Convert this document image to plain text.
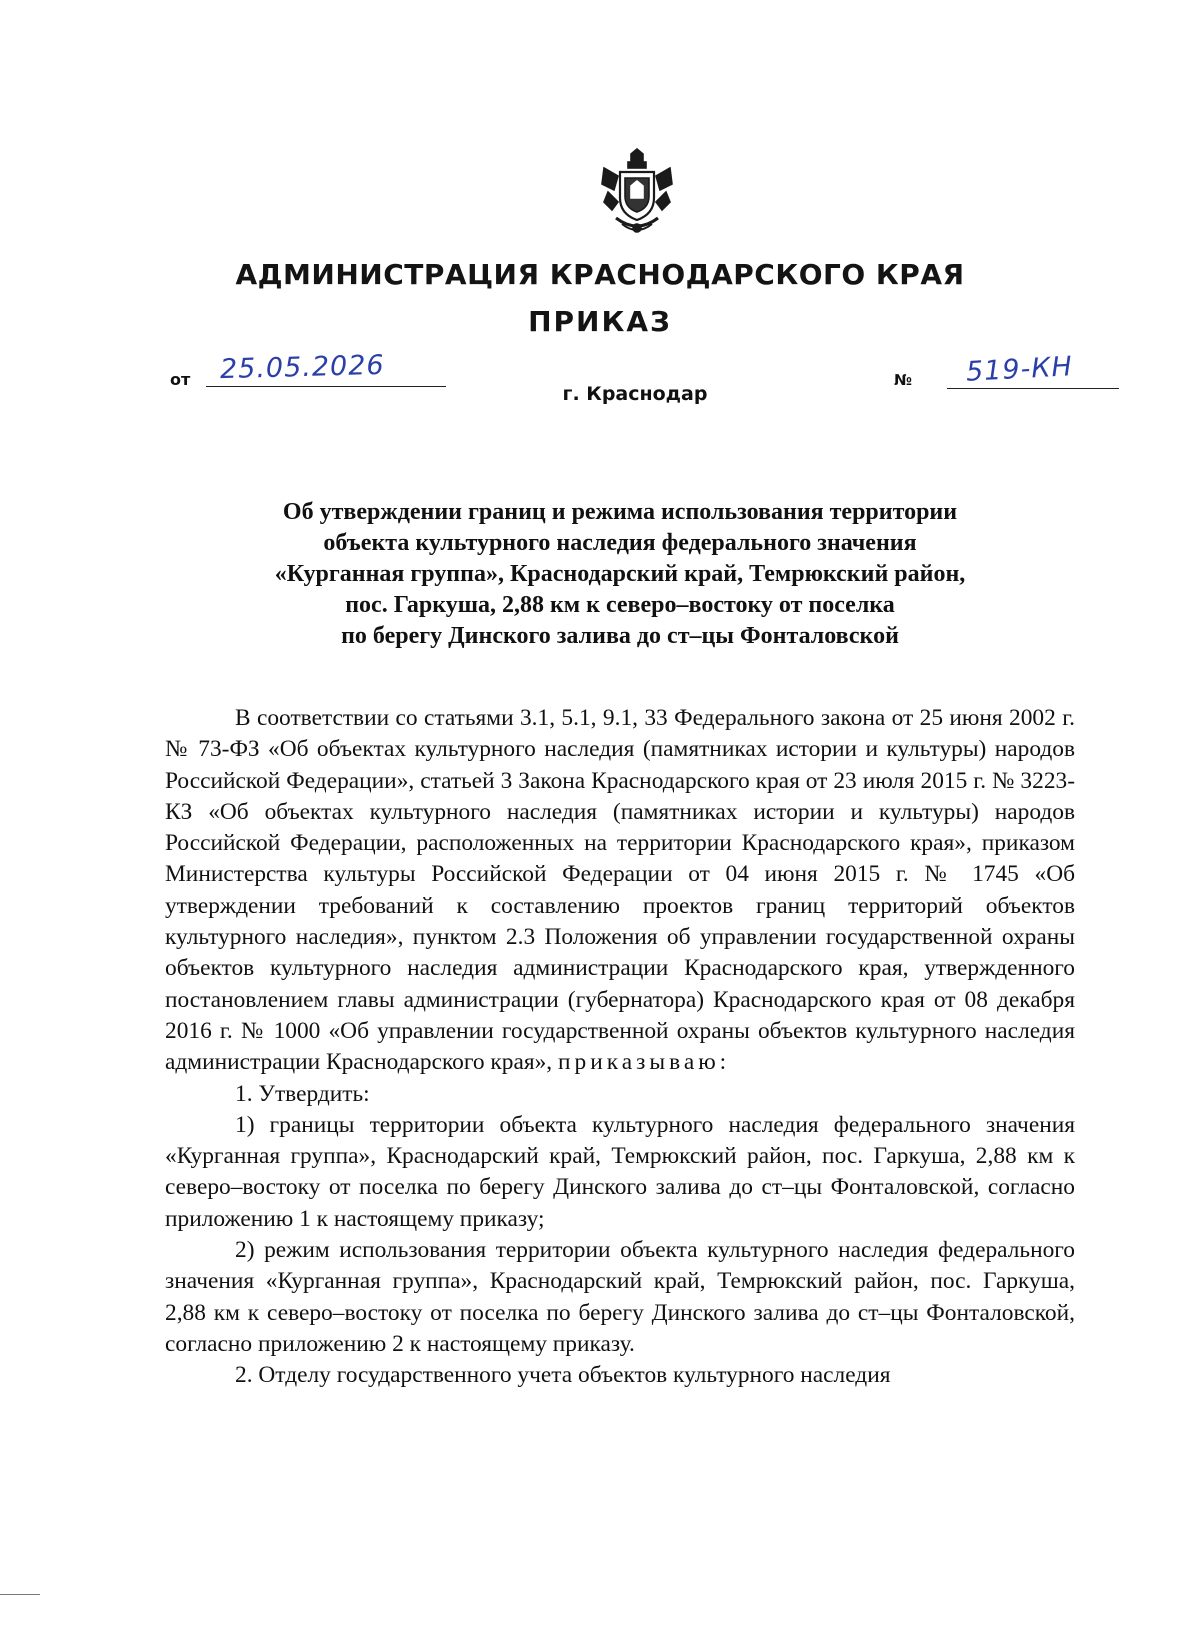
АДМИНИСТРАЦИЯ КРАСНОДАРСКОГО КРАЯ
ПРИКАЗ
от 25.05.2026	№ 519-КН
г. Краснодар
Об утверждении границ и режима использования территории
объекта культурного наследия федерального значения
«Курганная группа», Краснодарский край, Темрюкский район,
пос. Гаркуша, 2,88 км к северо–востоку от поселка
по берегу Динского залива до ст–цы Фонталовской

В соответствии со статьями 3.1, 5.1, 9.1, 33 Федерального закона от 25 июня 2002 г. № 73-ФЗ «Об объектах культурного наследия (памятниках истории и культуры) народов Российской Федерации», статьей 3 Закона Краснодарского края от 23 июля 2015 г. № 3223-КЗ «Об объектах культурного наследия (памятниках истории и культуры) народов Российской Федерации, расположенных на территории Краснодарского края», приказом Министерства культуры Российской Федерации от 04 июня 2015 г. № 1745 «Об утверждении требований к составлению проектов границ территорий объектов культурного наследия», пунктом 2.3 Положения об управлении государственной охраны объектов культурного наследия администрации Краснодарского края, утвержденного постановлением главы администрации (губернатора) Краснодарского края от 08 декабря 2016 г. № 1000 «Об управлении государственной охраны объектов культурного наследия администрации Краснодарского края», приказываю:

1. Утвердить:

1) границы территории объекта культурного наследия федерального значения «Курганная группа», Краснодарский край, Темрюкский район, пос. Гаркуша, 2,88 км к северо–востоку от поселка по берегу Динского залива до ст–цы Фонталовской, согласно приложению 1 к настоящему приказу;

2) режим использования территории объекта культурного наследия федерального значения «Курганная группа», Краснодарский край, Темрюкский район, пос. Гаркуша, 2,88 км к северо–востоку от поселка по берегу Динского залива до ст–цы Фонталовской, согласно приложению 2 к настоящему приказу.

2. Отделу государственного учета объектов культурного наследия
